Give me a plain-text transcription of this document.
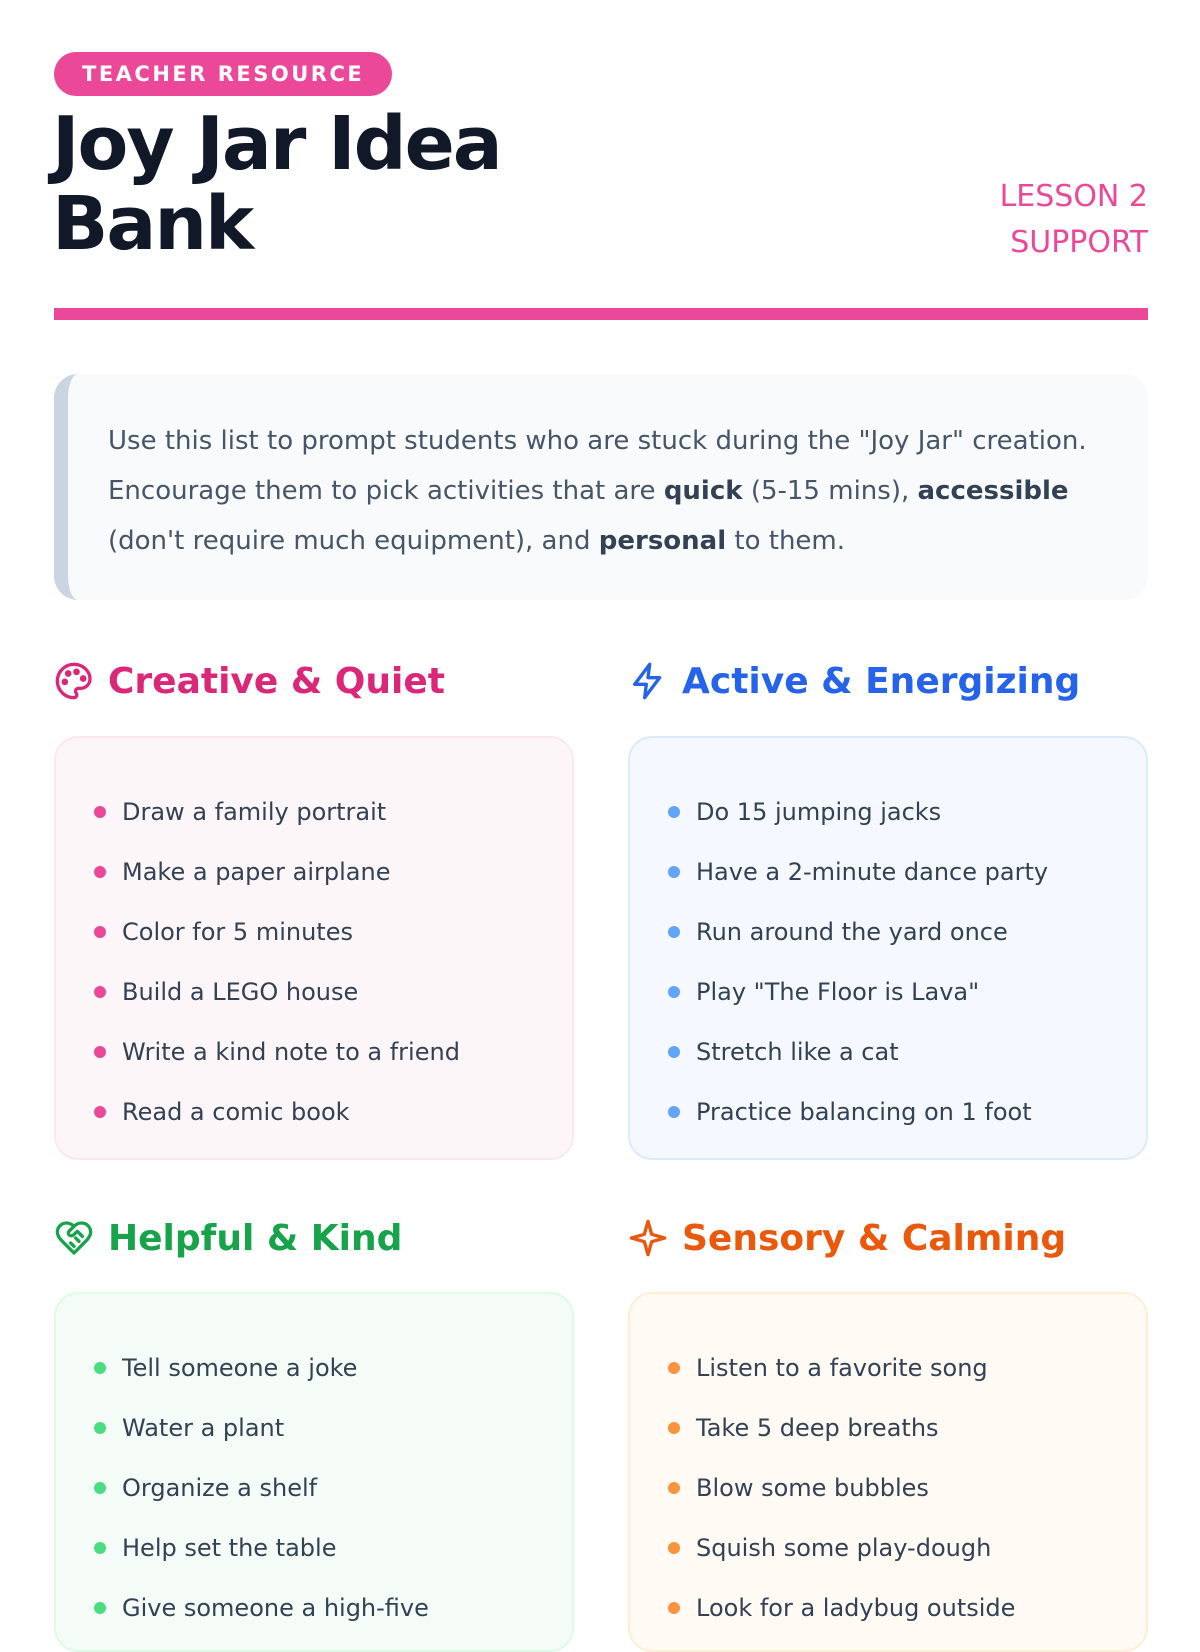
TEACHER RESOURCE
Joy Jar Idea Bank	LESSON 2
SUPPORT
Use this list to prompt students who are stuck during the "Joy Jar" creation. Encourage them to pick activities that are quick (5-15 mins), accessible (don't require much equipment), and personal to them.
Creative & Quiet
Draw a family portrait
Make a paper airplane
Color for 5 minutes
Build a LEGO house
Write a kind note to a friend
Read a comic book
Active & Energizing
Do 15 jumping jacks
Have a 2-minute dance party
Run around the yard once
Play "The Floor is Lava"
Stretch like a cat
Practice balancing on 1 foot
Helpful & Kind
Tell someone a joke
Water a plant
Organize a shelf
Help set the table
Give someone a high-five
Sensory & Calming
Listen to a favorite song
Take 5 deep breaths
Blow some bubbles
Squish some play-dough
Look for a ladybug outside
